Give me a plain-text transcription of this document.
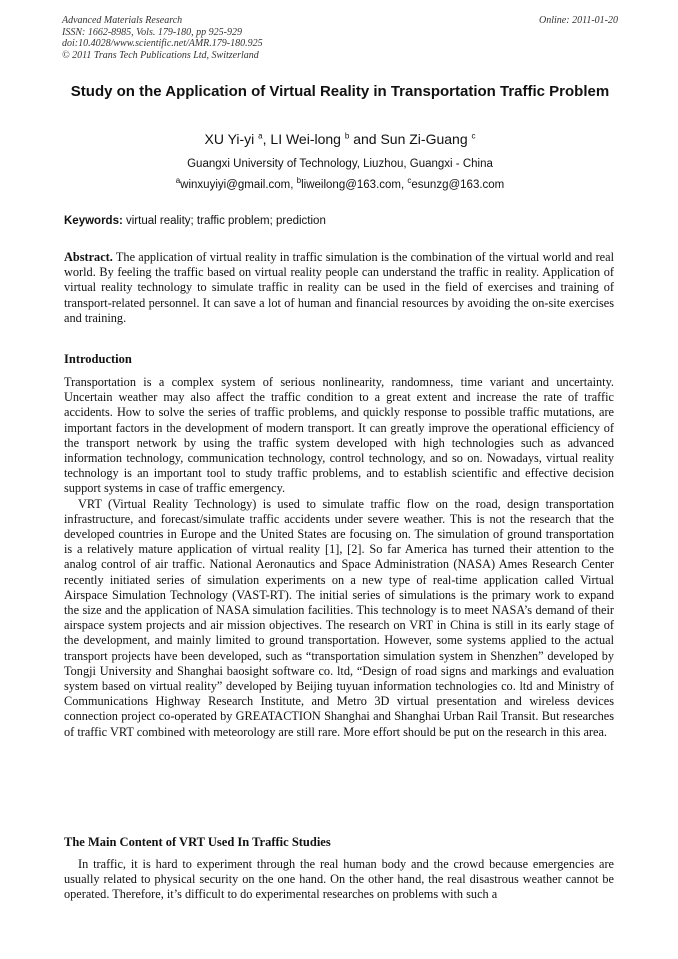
Advanced Materials Research
ISSN: 1662-8985, Vols. 179-180, pp 925-929
doi:10.4028/www.scientific.net/AMR.179-180.925
© 2011 Trans Tech Publications Ltd, Switzerland
Online: 2011-01-20
Study on the Application of Virtual Reality in Transportation Traffic Problem
XU Yi-yi $^a$, LI Wei-long $^b$ and Sun Zi-Guang $^c$
Guangxi University of Technology, Liuzhou, Guangxi - China
$^a$winxuyiyi@gmail.com, $^b$liweilong@163.com, $^c$esunzg@163.com
Keywords: virtual reality; traffic problem; prediction

Abstract. The application of virtual reality in traffic simulation is the combination of the virtual world and real world. By feeling the traffic based on virtual reality people can understand the traffic in reality. Application of virtual reality technology to simulate traffic in reality can be used in the field of exercises and training of transport-related personnel. It can save a lot of human and financial resources by avoiding the on-site exercises and training.

Introduction

Transportation is a complex system of serious nonlinearity, randomness, time variant and uncertainty. Uncertain weather may also affect the traffic condition to a great extent and increase the rate of traffic accidents. How to solve the series of traffic problems, and quickly response to possible traffic mutations, are important factors in the development of modern transport. It can greatly improve the operational efficiency of the transport network by using the traffic system developed with high technologies such as advanced information technology, communication technology, control technology, and so on. Nowadays, virtual reality technology is an important tool to study traffic problems, and to establish scientific and effective decision support systems in case of traffic emergency.

VRT (Virtual Reality Technology) is used to simulate traffic flow on the road, design transportation infrastructure, and forecast/simulate traffic accidents under severe weather. This is not the research that the developed countries in Europe and the United States are focusing on. The simulation of ground transportation is a relatively mature application of virtual reality [1], [2]. So far America has turned their attention to the analog control of air traffic. National Aeronautics and Space Administration (NASA) Ames Research Center recently initiated series of simulation experiments on a new type of real-time application called Virtual Airspace Simulation Technology (VAST-RT). The initial series of simulations is the primary work to expand the size and the application of NASA simulation facilities. This technology is to meet NASA’s demand of their airspace system projects and air mission objectives. The research on VRT in China is still in its early stage of the development, and mainly limited to ground transportation. However, some systems applied to the actual transport projects have been developed, such as “transportation simulation system in Shenzhen” developed by Tongji University and Shanghai baosight software co. ltd, “Design of road signs and markings and evaluation system based on virtual reality” developed by Beijing tuyuan information technologies co. ltd and Ministry of Communications Highway Research Institute, and Metro 3D virtual presentation and wireless devices connection project co-operated by GREATACTION Shanghai and Shanghai Urban Rail Transit. But researches of traffic VRT combined with meteorology are still rare. More effort should be put on the research in this area.

The Main Content of VRT Used In Traffic Studies

In traffic, it is hard to experiment through the real human body and the crowd because emergencies are usually related to physical security on the one hand. On the other hand, the real disastrous weather cannot be operated. Therefore, it’s difficult to do experimental researches on problems with such a
